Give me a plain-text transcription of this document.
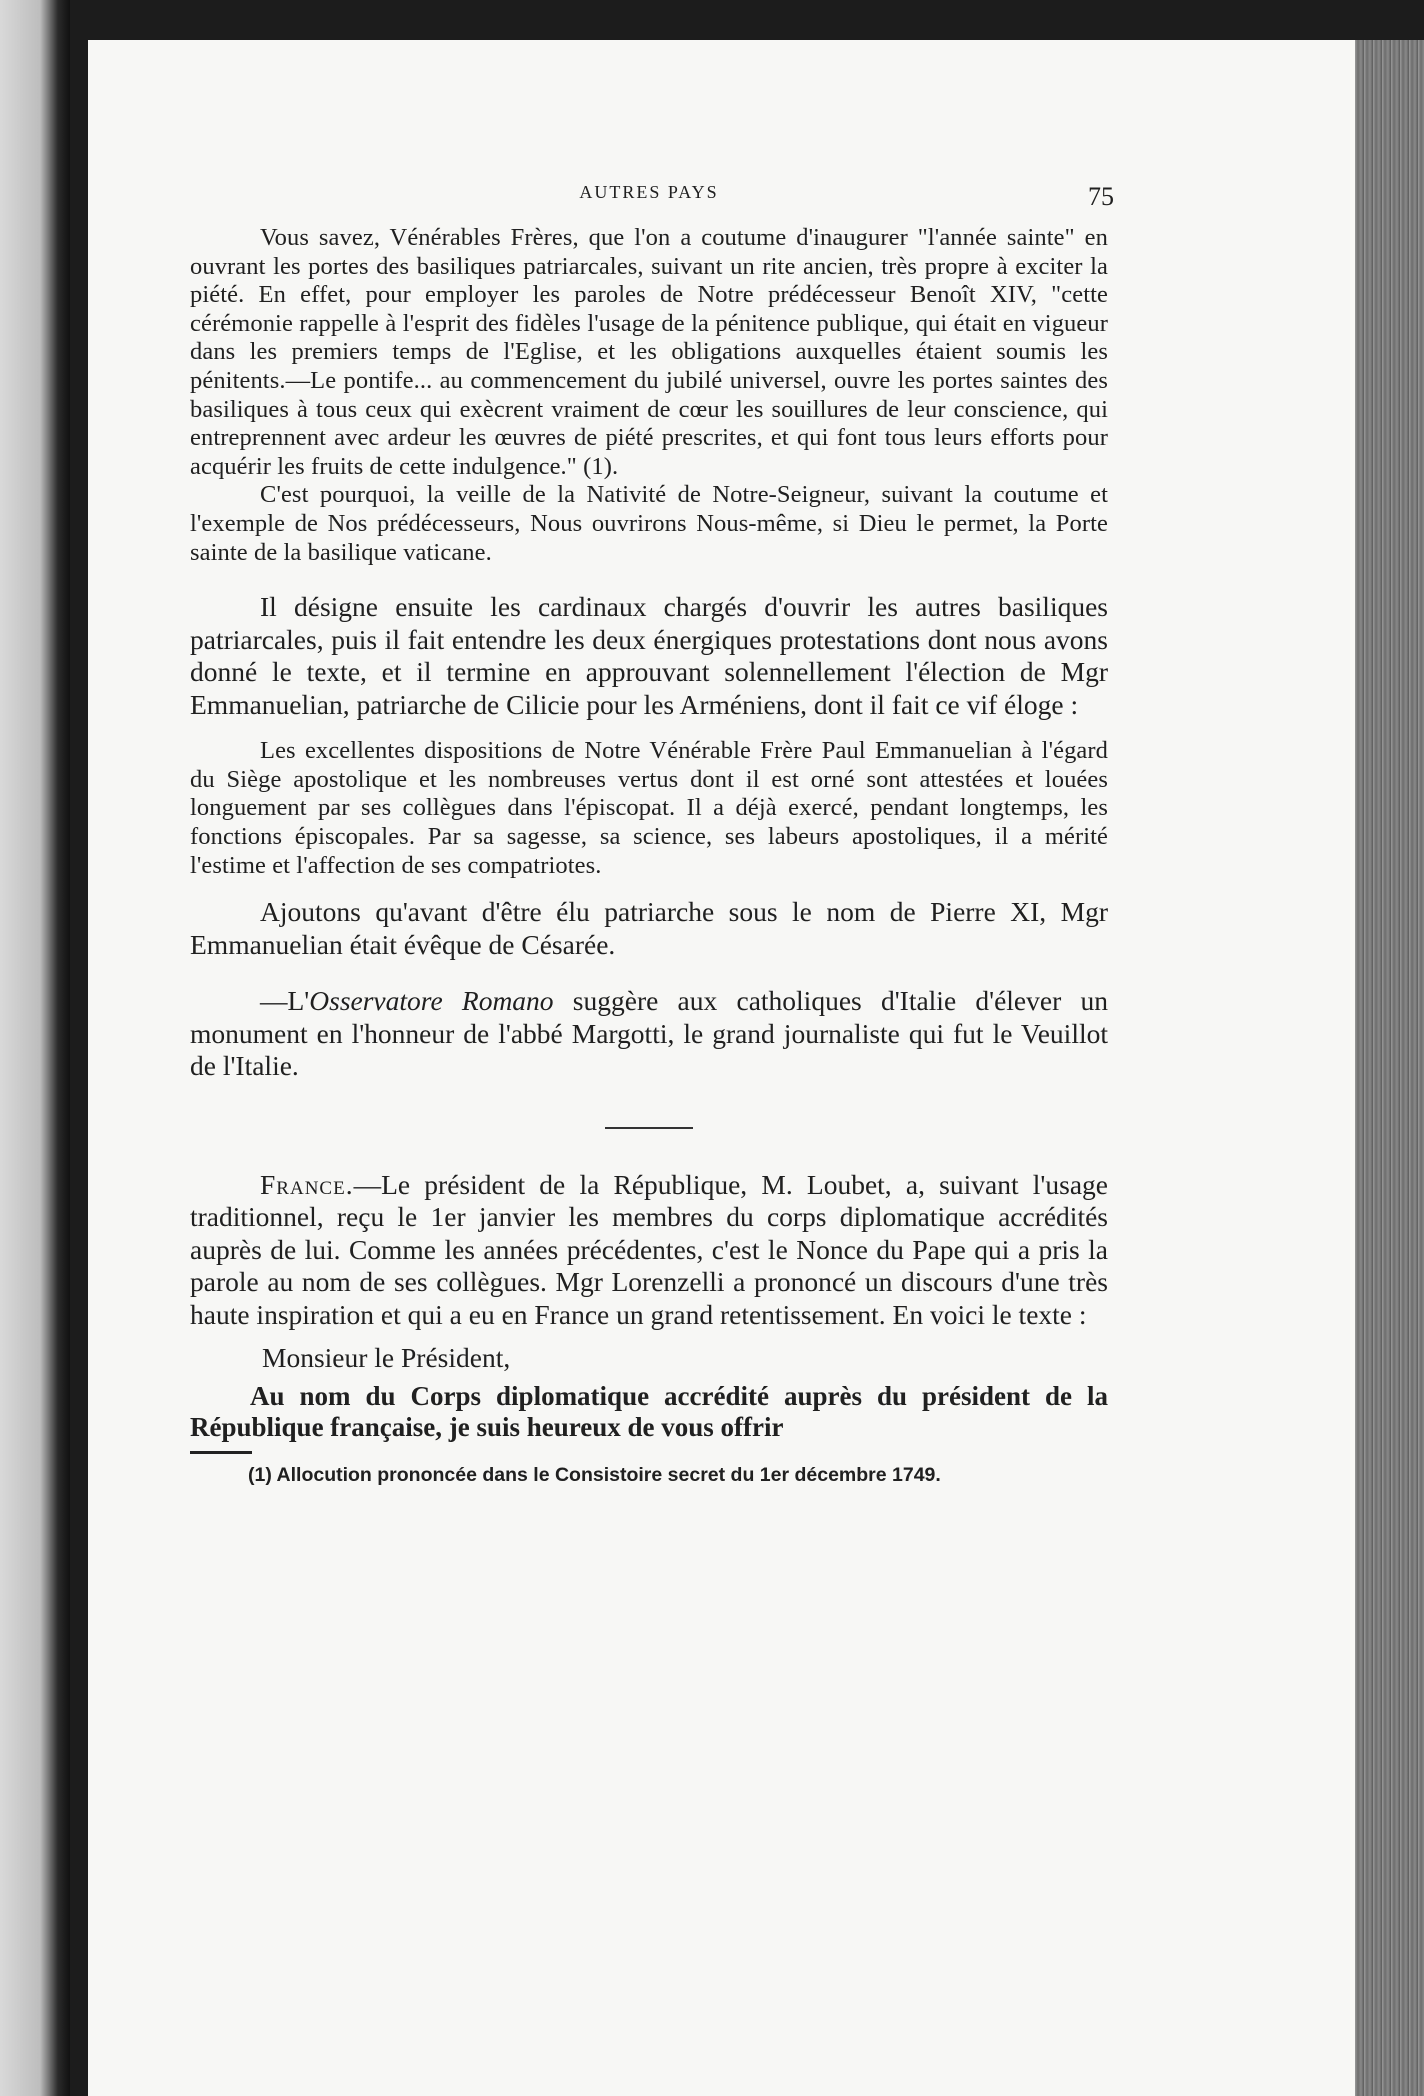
AUTRES PAYS	75

Vous savez, Vénérables Frères, que l'on a coutume d'inaugurer "l'année sainte" en ouvrant les portes des basiliques patriarcales, suivant un rite ancien, très propre à exciter la piété. En effet, pour employer les paroles de Notre prédécesseur Benoît XIV, "cette cérémonie rappelle à l'esprit des fidèles l'usage de la pénitence publique, qui était en vigueur dans les premiers temps de l'Eglise, et les obligations auxquelles étaient soumis les pénitents.—Le pontife... au commencement du jubilé universel, ouvre les portes saintes des basiliques à tous ceux qui exècrent vraiment de cœur les souillures de leur conscience, qui entreprennent avec ardeur les œuvres de piété prescrites, et qui font tous leurs efforts pour acquérir les fruits de cette indulgence." (1).

C'est pourquoi, la veille de la Nativité de Notre-Seigneur, suivant la coutume et l'exemple de Nos prédécesseurs, Nous ouvrirons Nous-même, si Dieu le permet, la Porte sainte de la basilique vaticane.

Il désigne ensuite les cardinaux chargés d'ouvrir les autres basiliques patriarcales, puis il fait entendre les deux énergiques protestations dont nous avons donné le texte, et il termine en approuvant solennellement l'élection de Mgr Emmanuelian, patriarche de Cilicie pour les Arméniens, dont il fait ce vif éloge :

Les excellentes dispositions de Notre Vénérable Frère Paul Emmanuelian à l'égard du Siège apostolique et les nombreuses vertus dont il est orné sont attestées et louées longuement par ses collègues dans l'épiscopat. Il a déjà exercé, pendant longtemps, les fonctions épiscopales. Par sa sagesse, sa science, ses labeurs apostoliques, il a mérité l'estime et l'affection de ses compatriotes.

Ajoutons qu'avant d'être élu patriarche sous le nom de Pierre XI, Mgr Emmanuelian était évêque de Césarée.

—L'Osservatore Romano suggère aux catholiques d'Italie d'élever un monument en l'honneur de l'abbé Margotti, le grand journaliste qui fut le Veuillot de l'Italie.

France.—Le président de la République, M. Loubet, a, suivant l'usage traditionnel, reçu le 1er janvier les membres du corps diplomatique accrédités auprès de lui. Comme les années précédentes, c'est le Nonce du Pape qui a pris la parole au nom de ses collègues. Mgr Lorenzelli a prononcé un discours d'une très haute inspiration et qui a eu en France un grand retentissement. En voici le texte :

Monsieur le Président,

Au nom du Corps diplomatique accrédité auprès du président de la République française, je suis heureux de vous offrir

(1) Allocution prononcée dans le Consistoire secret du 1er décembre 1749.
